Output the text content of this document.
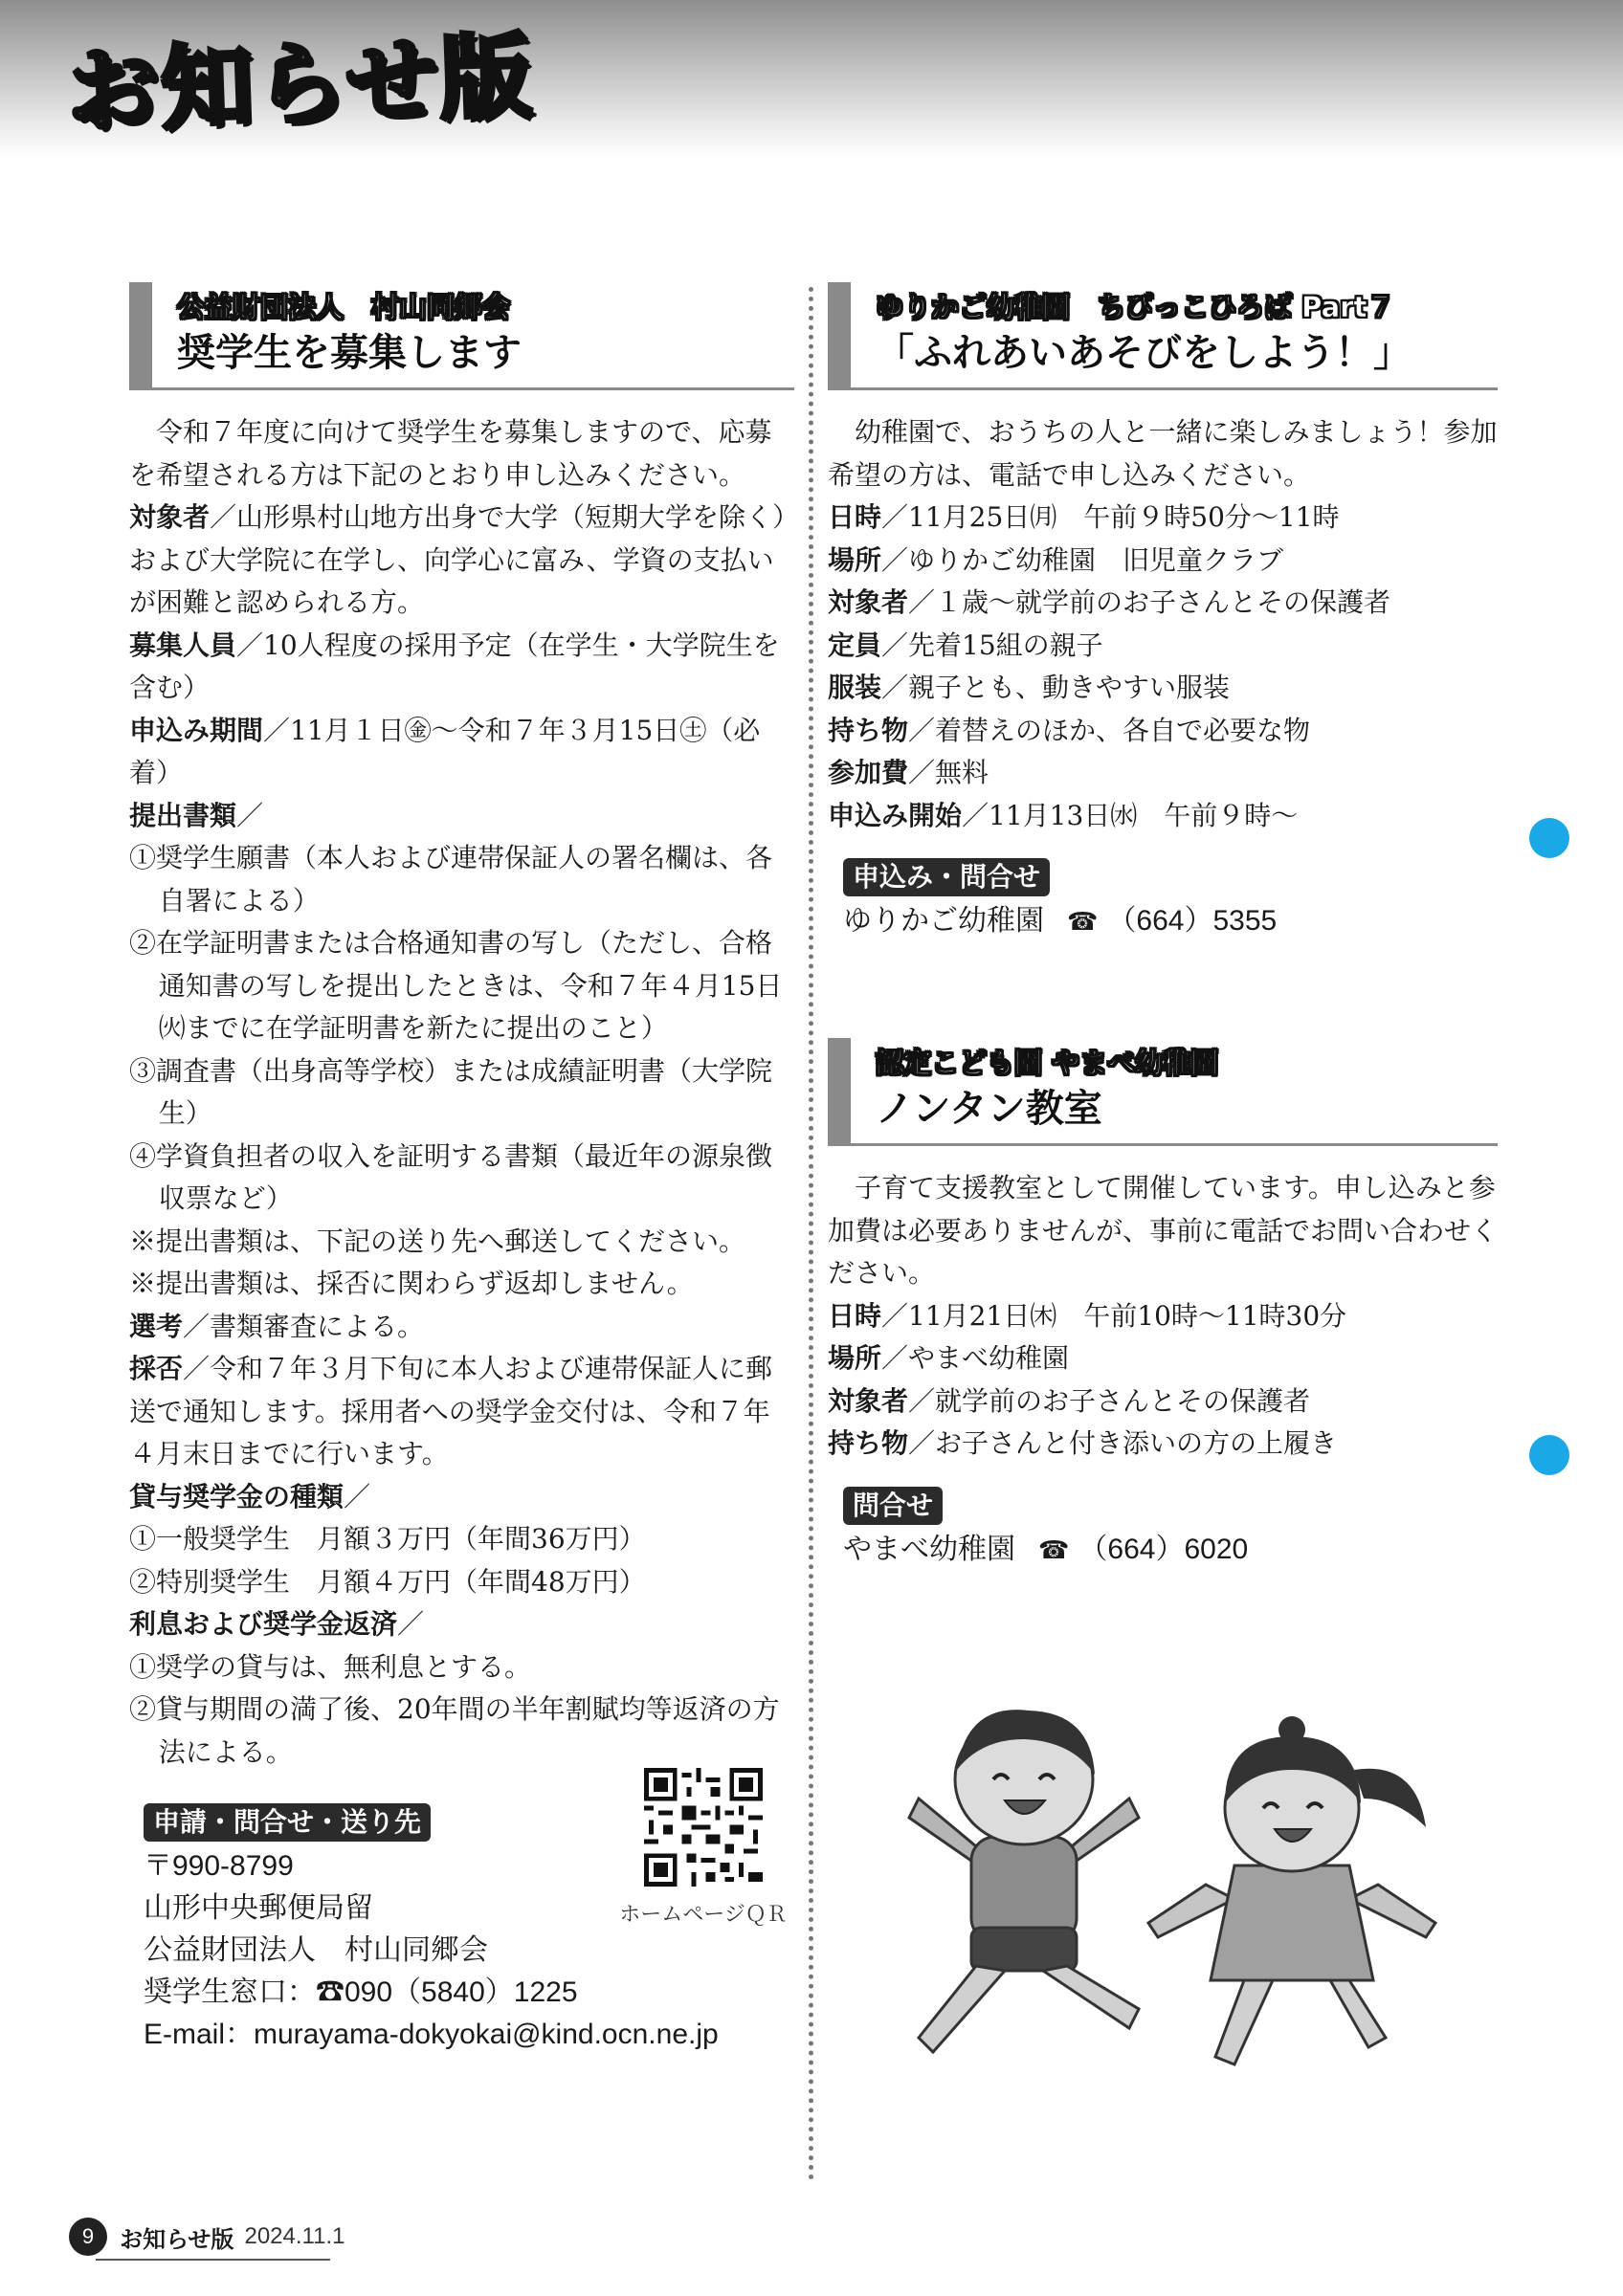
お知らせ版
公益財団法人　村山同郷会
奨学生を募集します

令和７年度に向けて奨学生を募集しますので、応募を希望される方は下記のとおり申し込みください。

対象者／山形県村山地方出身で大学（短期大学を除く）および大学院に在学し、向学心に富み、学資の支払いが困難と認められる方。

募集人員／10人程度の採用予定（在学生・大学院生を含む）

申込み期間／11月１日㊎～令和７年３月15日㊏（必着）

提出書類／

①奨学生願書（本人および連帯保証人の署名欄は、各自署による）

②在学証明書または合格通知書の写し（ただし、合格通知書の写しを提出したときは、令和７年４月15日㈫までに在学証明書を新たに提出のこと）

③調査書（出身高等学校）または成績証明書（大学院生）

④学資負担者の収入を証明する書類（最近年の源泉徴収票など）

※提出書類は、下記の送り先へ郵送してください。

※提出書類は、採否に関わらず返却しません。

選考／書類審査による。

採否／令和７年３月下旬に本人および連帯保証人に郵送で通知します。採用者への奨学金交付は、令和７年４月末日までに行います。

貸与奨学金の種類／

①一般奨学生　月額３万円（年間36万円）

②特別奨学生　月額４万円（年間48万円）

利息および奨学金返済／

①奨学の貸与は、無利息とする。

②貸与期間の満了後、20年間の半年割賦均等返済の方法による。

申請・問合せ・送り先

〒990-8799

山形中央郵便局留

公益財団法人　村山同郷会

奨学生窓口：☎090（5840）1225

E-mail：murayama-dokyokai@kind.ocn.ne.jp

ホームページＱＲ
ゆりかご幼稚園　ちびっこひろば Part７
「ふれあいあそびをしよう！」

幼稚園で、おうちの人と一緒に楽しみましょう！参加希望の方は、電話で申し込みください。

日時／11月25日㈪　午前９時50分～11時

場所／ゆりかご幼稚園　旧児童クラブ

対象者／１歳～就学前のお子さんとその保護者

定員／先着15組の親子

服装／親子とも、動きやすい服装

持ち物／着替えのほか、各自で必要な物

参加費／無料

申込み開始／11月13日㈬　午前９時～

申込み・問合せ

ゆりかご幼稚園 ☎ （664）5355

認定こども園 やまべ幼稚園
ノンタン教室

子育て支援教室として開催しています。申し込みと参加費は必要ありませんが、事前に電話でお問い合わせください。

日時／11月21日㈭　午前10時～11時30分

場所／やまべ幼稚園

対象者／就学前のお子さんとその保護者

持ち物／お子さんと付き添いの方の上履き

問合せ

やまべ幼稚園 ☎ （664）6020

9 お知らせ版 2024.11.1
